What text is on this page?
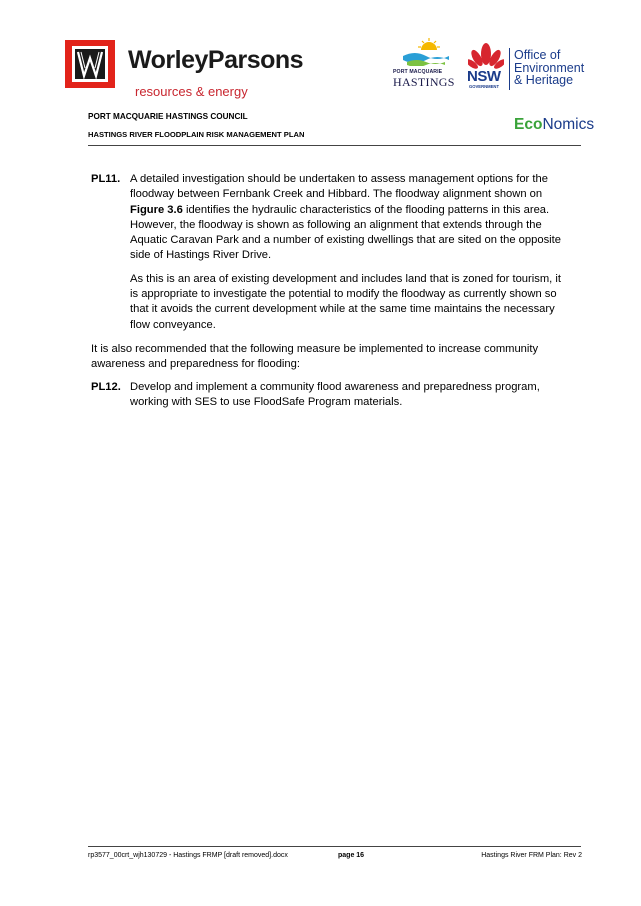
WorleyParsons
resources & energy
PORT MACQUARIE
HASTINGS NSW
GOVERNMENT
Office of
Environment
& Heritage
EcoNomics
PORT MACQUARIE HASTINGS COUNCIL
HASTINGS RIVER FLOODPLAIN RISK MANAGEMENT PLAN
PL11. A detailed investigation should be undertaken to assess management options for the floodway between Fernbank Creek and Hibbard. The floodway alignment shown on Figure 3.6 identifies the hydraulic characteristics of the flooding patterns in this area. However, the floodway is shown as following an alignment that extends through the Aquatic Caravan Park and a number of existing dwellings that are sited on the opposite side of Hastings River Drive.

As this is an area of existing development and includes land that is zoned for tourism, it is appropriate to investigate the potential to modify the floodway as currently shown so that it avoids the current development while at the same time maintains the necessary flow conveyance.

It is also recommended that the following measure be implemented to increase community awareness and preparedness for flooding:

PL12. Develop and implement a community flood awareness and preparedness program, working with SES to use FloodSafe Program materials.

rp3577_00crt_wjh130729 - Hastings FRMP [draft removed].docx	page 16	Hastings River FRM Plan: Rev 2
